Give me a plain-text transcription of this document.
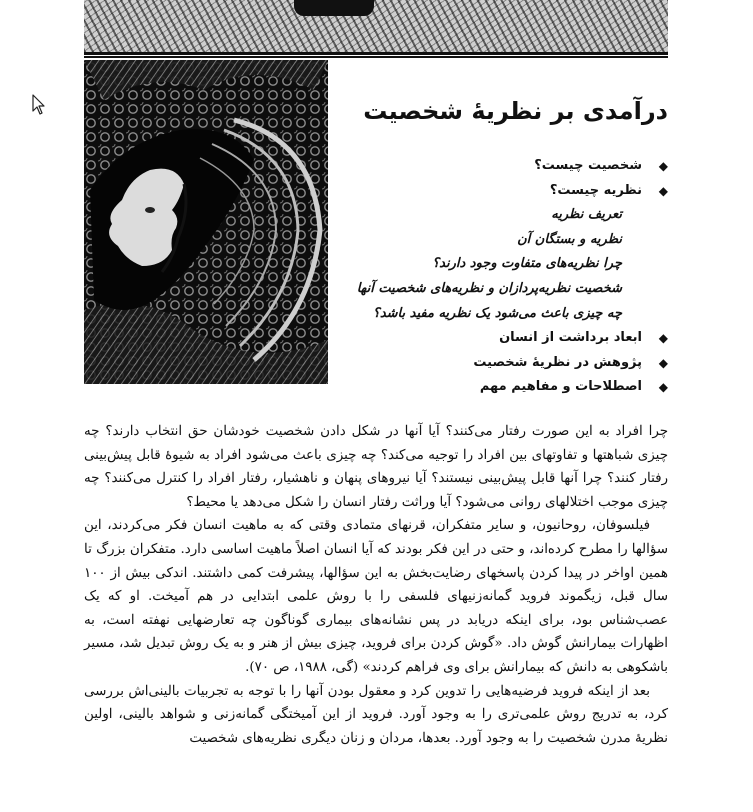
درآمدی بر نظریهٔ شخصیت
◆
شخصیت چیست؟
◆
نظریه چیست؟
تعریف نظریه
نظریه و بستگان آن
چرا نظریه‌های متفاوت وجود دارند؟
شخصیت نظریه‌پردازان و نظریه‌های شخصیت آنها
چه چیزی باعث می‌شود یک نظریه مفید باشد؟
◆
ابعاد برداشت از انسان
◆
پژوهش در نظریهٔ شخصیت
◆
اصطلاحات و مفاهیم مهم

چرا افراد به این صورت رفتار می‌کنند؟ آیا آنها در شکل دادن شخصیت خودشان حق انتخاب دارند؟ چه چیزی شباهتها و تفاوتهای بین افراد را توجیه می‌کند؟ چه چیزی باعث می‌شود افراد به شیوهٔ قابل پیش‌بینی رفتار کنند؟ چرا آنها قابل پیش‌بینی نیستند؟ آیا نیروهای پنهان و ناهشیار، رفتار افراد را کنترل می‌کنند؟ چه چیزی موجب اختلالهای روانی می‌شود؟ آیا وراثت رفتار انسان را شکل می‌دهد یا محیط؟

فیلسوفان، روحانیون، و سایر متفکران، قرنهای متمادی وقتی که به ماهیت انسان فکر می‌کردند، این سؤالها را مطرح کرده‌اند، و حتی در این فکر بودند که آیا انسان اصلاً ماهیت اساسی دارد. متفکران بزرگ تا همین اواخر در پیدا کردن پاسخهای رضایت‌بخش به این سؤالها، پیشرفت کمی داشتند. اندکی بیش از ۱۰۰ سال قبل، زیگموند فروید گمانه‌زنیهای فلسفی را با روش علمی ابتدایی در هم آمیخت. او که یک عصب‌شناس بود، برای اینکه دریابد در پس نشانه‌های بیماری گوناگون چه تعارضهایی نهفته است، به اظهارات بیمارانش گوش داد. «گوش کردن برای فروید، چیزی بیش از هنر و به یک روش تبدیل شد، مسیر باشکوهی به دانش که بیمارانش برای وی فراهم کردند» (گی، ۱۹۸۸، ص ۷۰).

بعد از اینکه فروید فرضیه‌هایی را تدوین کرد و معقول بودن آنها را با توجه به تجربیات بالینی‌اش بررسی کرد، به تدریج روش علمی‌تری را به وجود آورد. فروید از این آمیختگی گمانه‌زنی و شواهد بالینی، اولین نظریهٔ مدرن شخصیت را به وجود آورد. بعدها، مردان و زنان دیگری نظریه‌های شخصیت
